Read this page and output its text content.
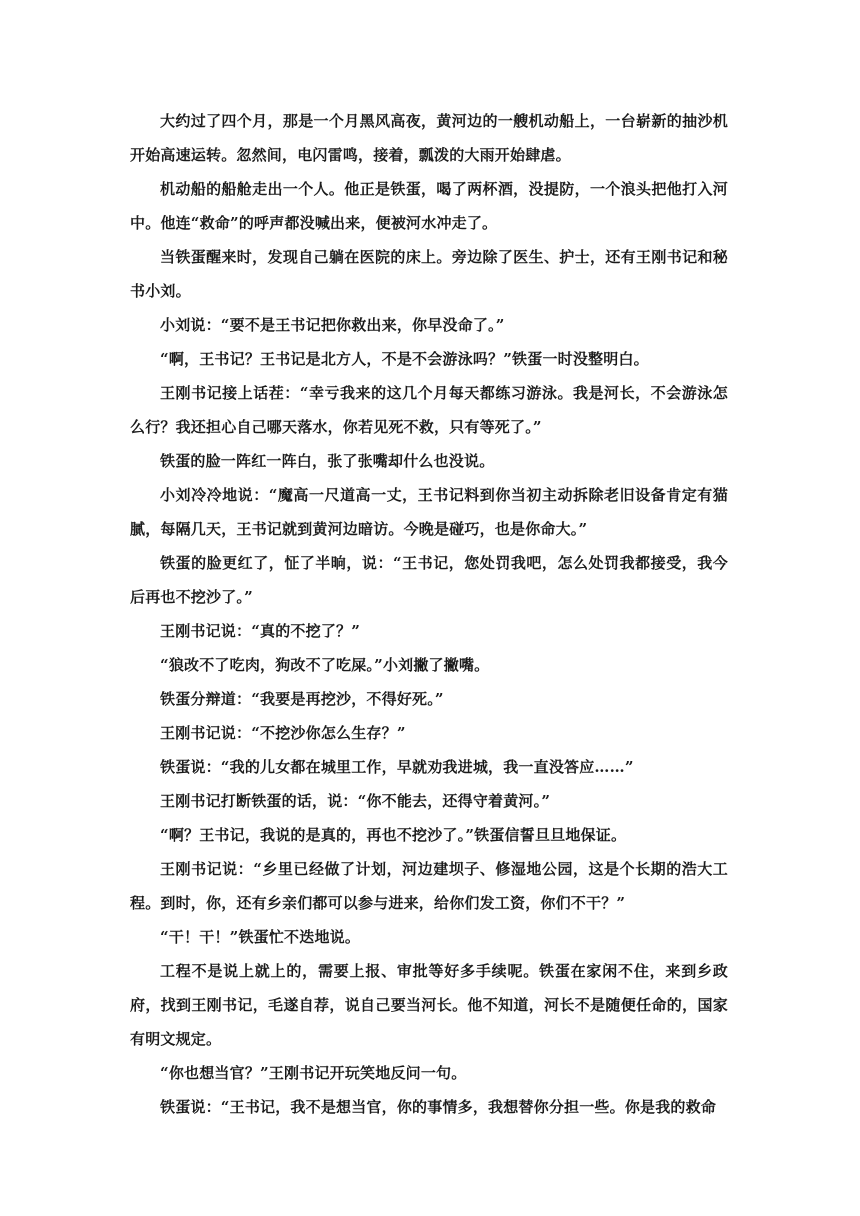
大约过了四个月，那是一个月黑风高夜，黄河边的一艘机动船上，一台崭新的抽沙机开始高速运转。忽然间，电闪雷鸣，接着，瓢泼的大雨开始肆虐。

机动船的船舱走出一个人。他正是铁蛋，喝了两杯酒，没提防，一个浪头把他打入河中。他连“救命”的呼声都没喊出来，便被河水冲走了。

当铁蛋醒来时，发现自己躺在医院的床上。旁边除了医生、护士，还有王刚书记和秘书小刘。

小刘说：“要不是王书记把你救出来，你早没命了。”

“啊，王书记？王书记是北方人，不是不会游泳吗？”铁蛋一时没整明白。

王刚书记接上话茬：“幸亏我来的这几个月每天都练习游泳。我是河长，不会游泳怎么行？我还担心自己哪天落水，你若见死不救，只有等死了。”

铁蛋的脸一阵红一阵白，张了张嘴却什么也没说。

小刘冷冷地说：“魔高一尺道高一丈，王书记料到你当初主动拆除老旧设备肯定有猫腻，每隔几天，王书记就到黄河边暗访。今晚是碰巧，也是你命大。”

铁蛋的脸更红了，怔了半晌，说：“王书记，您处罚我吧，怎么处罚我都接受，我今后再也不挖沙了。”

王刚书记说：“真的不挖了？”

“狼改不了吃肉，狗改不了吃屎。”小刘撇了撇嘴。

铁蛋分辩道：“我要是再挖沙，不得好死。”

王刚书记说：“不挖沙你怎么生存？”

铁蛋说：“我的儿女都在城里工作，早就劝我进城，我一直没答应……”

王刚书记打断铁蛋的话，说：“你不能去，还得守着黄河。”

“啊？王书记，我说的是真的，再也不挖沙了。”铁蛋信誓旦旦地保证。

王刚书记说：“乡里已经做了计划，河边建坝子、修湿地公园，这是个长期的浩大工程。到时，你，还有乡亲们都可以参与进来，给你们发工资，你们不干？”

“干！干！”铁蛋忙不迭地说。

工程不是说上就上的，需要上报、审批等好多手续呢。铁蛋在家闲不住，来到乡政府，找到王刚书记，毛遂自荐，说自己要当河长。他不知道，河长不是随便任命的，国家有明文规定。

“你也想当官？”王刚书记开玩笑地反问一句。

铁蛋说：“王书记，我不是想当官，你的事情多，我想替你分担一些。你是我的救命
